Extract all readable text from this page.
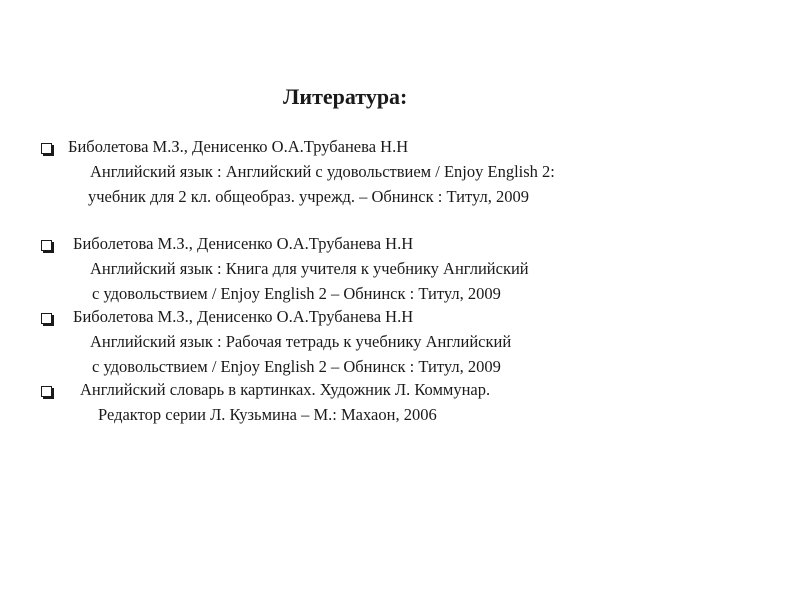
Литература:
Биболетова М.З., Денисенко О.А.Трубанева Н.Н
Английский язык : Английский с удовольствием / Enjoy English 2:
учебник для 2 кл. общеобраз. учрежд. – Обнинск : Титул, 2009
Биболетова М.З., Денисенко О.А.Трубанева Н.Н
Английский язык : Книга для учителя к учебнику Английский
с удовольствием / Enjoy English 2 – Обнинск : Титул, 2009
Биболетова М.З., Денисенко О.А.Трубанева Н.Н
Английский язык : Рабочая тетрадь к учебнику Английский
с удовольствием / Enjoy English 2 – Обнинск : Титул, 2009
Английский словарь в картинках. Художник Л. Коммунар.
Редактор серии Л. Кузьмина – М.: Махаон, 2006
